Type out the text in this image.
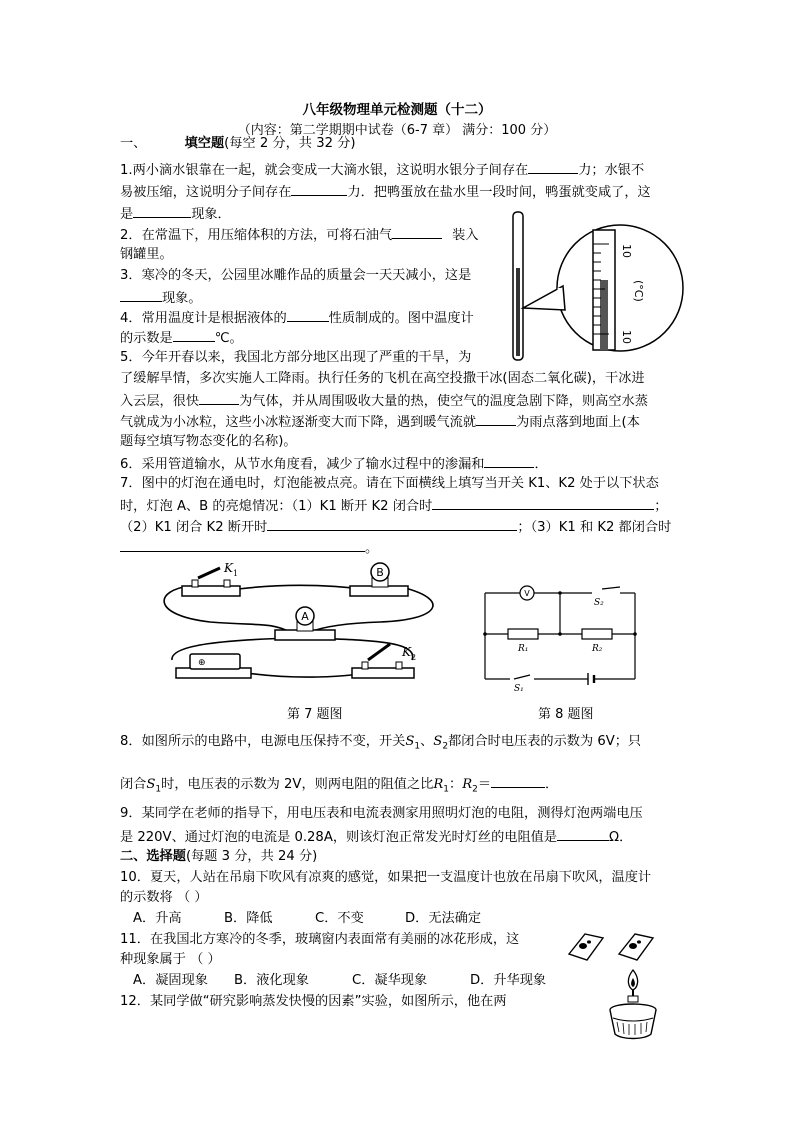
八年级物理单元检测题（十二）
（内容：第二学期期中试卷（6-7 章） 满分：100 分）
一、	填空题(每空 2 分，共 32 分)
1.两小滴水银靠在一起，就会变成一大滴水银，这说明水银分子间存在	力；水银不
易被压缩，这说明分子间存在	力．把鸭蛋放在盐水里一段时间，鸭蛋就变咸了，这
是	现象．
2．在常温下，用压缩体积的方法，可将石油气	装入
钢罐里。
3．寒冷的冬天，公园里冰雕作品的质量会一天天减小，这是
现象。
4．常用温度计是根据液体的	性质制成的。图中温度计
的示数是	℃。
10
10
(°C)
5．今年开春以来，我国北方部分地区出现了严重的干旱，为
了缓解旱情，多次实施人工降雨。执行任务的飞机在高空投撒干冰(固态二氧化碳)，干冰进
入云层，很快	为气体，并从周围吸收大量的热，使空气的温度急剧下降，则高空水蒸
气就成为小冰粒，这些小冰粒逐渐变大而下降，遇到暖气流就	为雨点落到地面上(本
题每空填写物态变化的名称)。
6．采用管道输水，从节水角度看，减少了输水过程中的渗漏和	．
7．图中的灯泡在通电时，灯泡能被点亮。请在下面横线上填写当开关 K1、K2 处于以下状态
时，灯泡 A、B 的亮熄情况：（1）K1 断开 K2 闭合时	；
（2）K1 闭合 K2 断开时	；（3）K1 和 K2 都闭合时
。
K 1	B
A
⊕
K 2
V
S₂
R₁	R₂
S₁
第 7 题图	第 8 题图
8．如图所示的电路中，电源电压保持不变，开关$S_1$、$S_2$都闭合时电压表的示数为 6V；只
闭合$S_1$时，电压表的示数为 2V，则两电阻的阻值之比$R_1$：$R_2=$	．
9．某同学在老师的指导下，用电压表和电流表测家用照明灯泡的电阻，测得灯泡两端电压
是 220V、通过灯泡的电流是 0.28A，则该灯泡正常发光时灯丝的电阻值是	Ω．
二、选择题(每题 3 分，共 24 分)
10．夏天，人站在吊扇下吹风有凉爽的感觉，如果把一支温度计也放在吊扇下吹风，温度计
的示数将 （ ）
A．升高	B．降低	C．不变	D．无法确定
11．在我国北方寒冷的冬季，玻璃窗内表面常有美丽的冰花形成，这
种现象属于 （ ）
A．凝固现象 B．液化现象	C．凝华现象	D．升华现象
12．某同学做“研究影响蒸发快慢的因素”实验，如图所示，他在两
